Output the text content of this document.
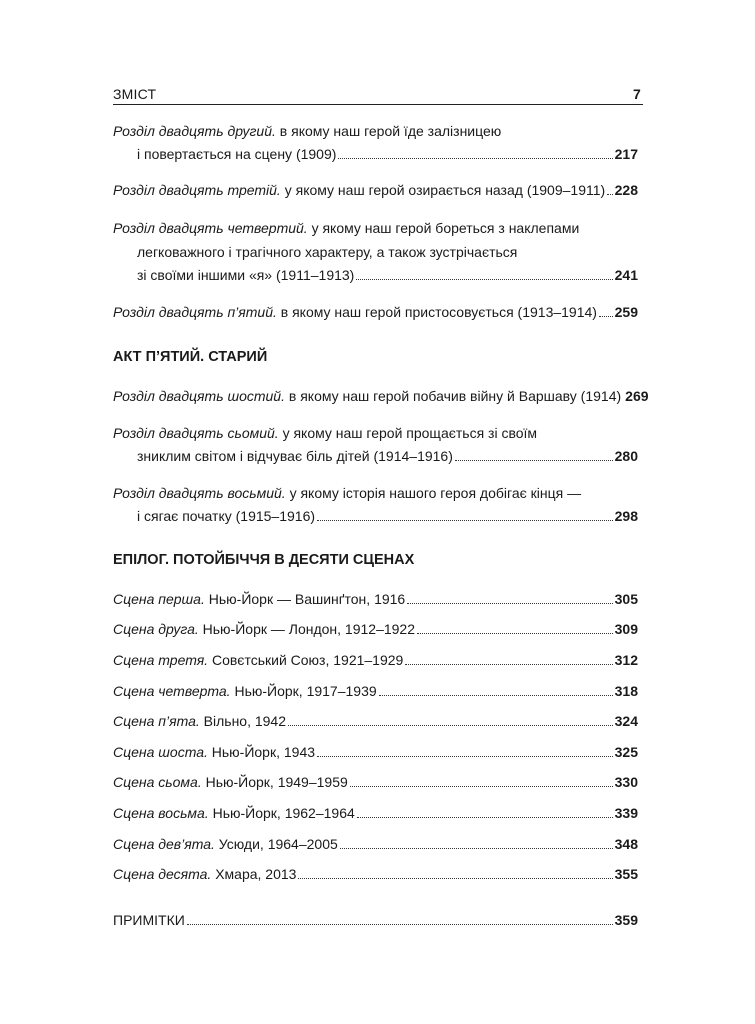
ЗМІСТ	7
Розділ двадцять другий. в якому наш герой їде залізницею
і повертається на сцену (1909)	217
Розділ двадцять третій. у якому наш герой озирається назад (1909–1911) 228
Розділ двадцять четвертий. у якому наш герой бореться з наклепами
легковажного і трагічного характеру, а також зустрічається
зі своїми іншими «я» (1911–1913)	241
Розділ двадцять п’ятий. в якому наш герой пристосовується (1913–1914) 259
АКТ П’ЯТИЙ. СТАРИЙ
Розділ двадцять шостий. в якому наш герой побачив війну й Варшаву (1914) 269
Розділ двадцять сьомий. у якому наш герой прощається зі своїм
зниклим світом і відчуває біль дітей (1914–1916)	280
Розділ двадцять восьмий. у якому історія нашого героя добігає кінця —
і сягає початку (1915–1916)	298
ЕПІЛОГ. ПОТОЙБІЧЧЯ В ДЕСЯТИ СЦЕНАХ
Сцена перша. Нью-Йорк — Вашинґтон, 1916	305
Сцена друга. Нью-Йорк — Лондон, 1912–1922	309
Сцена третя. Совєтський Союз, 1921–1929	312
Сцена четверта. Нью-Йорк, 1917–1939	318
Сцена п’ята. Вільно, 1942	324
Сцена шоста. Нью-Йорк, 1943	325
Сцена сьома. Нью-Йорк, 1949–1959	330
Сцена восьма. Нью-Йорк, 1962–1964	339
Сцена дев’ята. Усюди, 1964–2005	348
Сцена десята. Хмара, 2013	355
ПРИМІТКИ	359
